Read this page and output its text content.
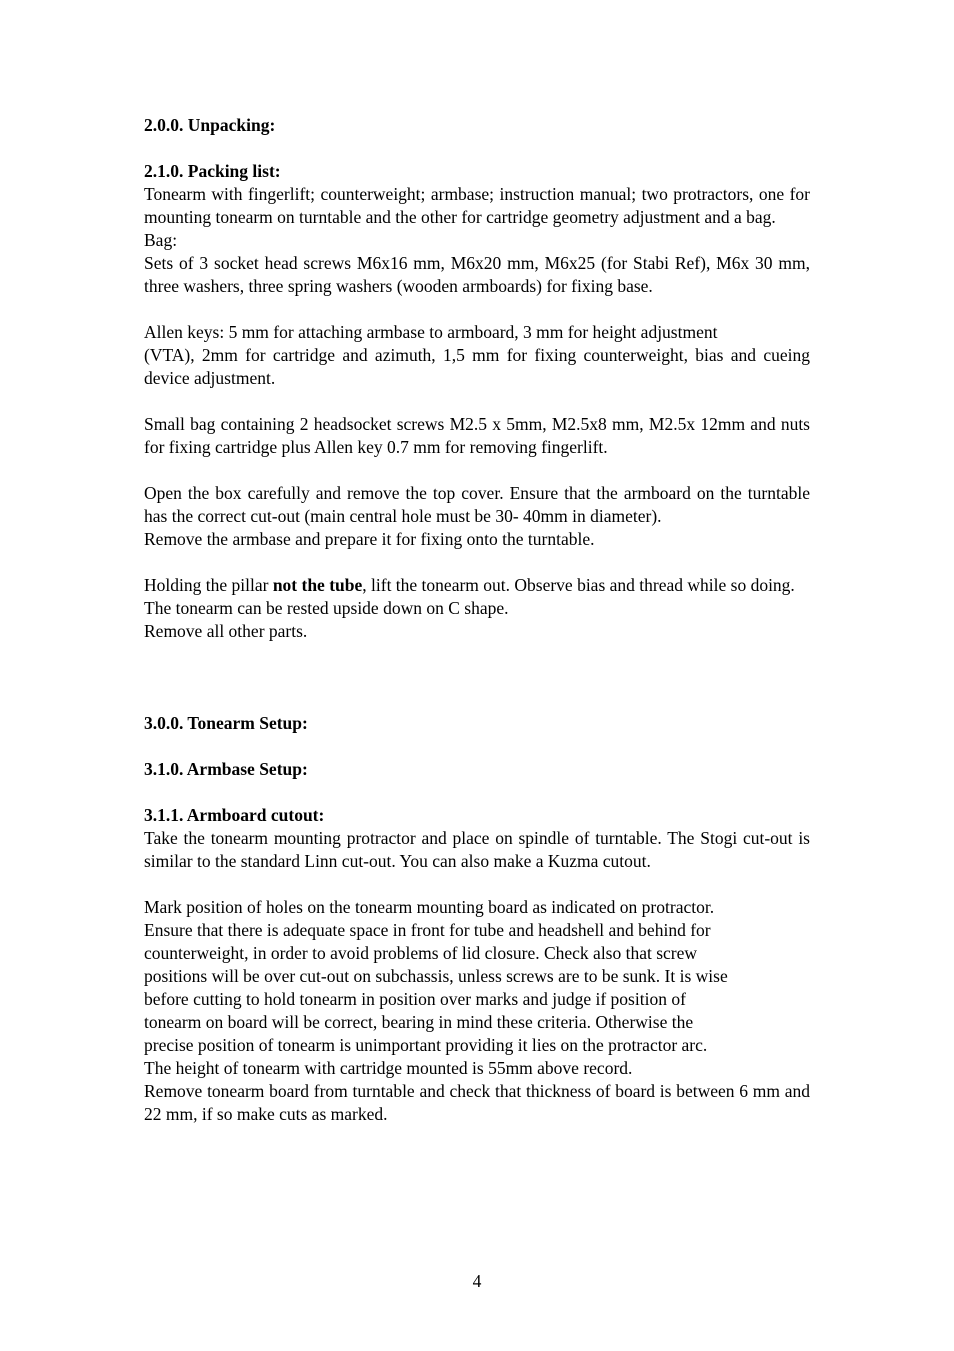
2.0.0. Unpacking:

2.1.0. Packing list:

Tonearm with fingerlift; counterweight; armbase; instruction manual; two protractors, one for mounting tonearm on turntable and the other for cartridge geometry adjustment and a bag.

Bag:

Sets of 3 socket head screws M6x16 mm, M6x20 mm, M6x25 (for Stabi Ref), M6x 30 mm, three washers, three spring washers (wooden armboards) for fixing base.

Allen keys: 5 mm for attaching armbase to armboard, 3 mm for height adjustment

(VTA), 2mm for cartridge and azimuth, 1,5 mm for fixing counterweight, bias and cueing device adjustment.

Small bag containing 2 headsocket screws M2.5 x 5mm, M2.5x8 mm, M2.5x 12mm and nuts for fixing cartridge plus Allen key 0.7 mm for removing fingerlift.

Open the box carefully and remove the top cover. Ensure that the armboard on the turntable has the correct cut-out (main central hole must be 30- 40mm in diameter).

Remove the armbase and prepare it for fixing onto the turntable.

Holding the pillar not the tube, lift the tonearm out. Observe bias and thread while so doing.

The tonearm can be rested upside down on C shape.

Remove all other parts.

3.0.0. Tonearm Setup:

3.1.0. Armbase Setup:

3.1.1. Armboard cutout:

Take the tonearm mounting protractor and place on spindle of turntable. The Stogi cut-out is similar to the standard Linn cut-out. You can also make a Kuzma cutout.

Mark position of holes on the tonearm mounting board as indicated on protractor.

Ensure that there is adequate space in front for tube and headshell and behind for

counterweight, in order to avoid problems of lid closure. Check also that screw

positions will be over cut-out on subchassis, unless screws are to be sunk. It is wise

before cutting to hold tonearm in position over marks and judge if position of

tonearm on board will be correct, bearing in mind these criteria. Otherwise the

precise position of tonearm is unimportant providing it lies on the protractor arc.

The height of tonearm with cartridge mounted is 55mm above record.

Remove tonearm board from turntable and check that thickness of board is between 6 mm and 22 mm, if so make cuts as marked.

4
